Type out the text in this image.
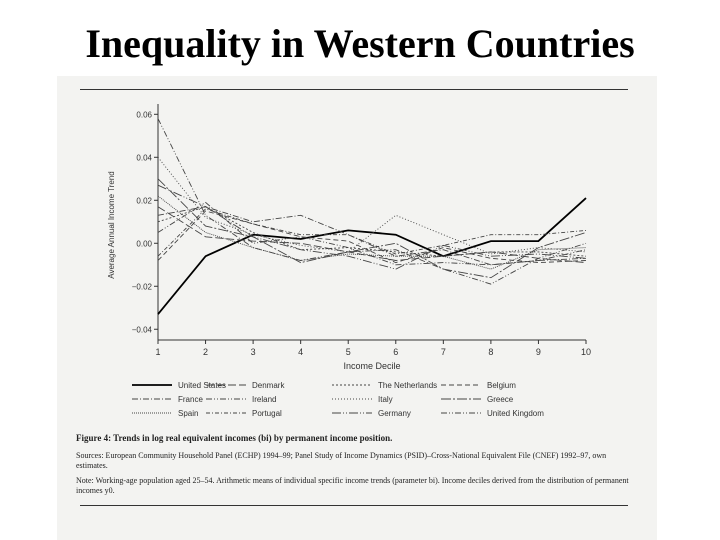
Inequality in Western Countries
0.06
0.04
0.02
0.00
−0.02
−0.04
1	2	3	4	5	6	7	8	9	10
Income Decile
Average Annual Income Trend
United States	Denmark	The Netherlands	Belgium
France	Ireland	Italy	Greece
Spain	Portugal	Germany	United Kingdom
Figure 4: Trends in log real equivalent incomes (bi) by permanent income position.
Sources: European Community Household Panel (ECHP) 1994–99; Panel Study of Income Dynamics (PSID)–Cross-National Equivalent File (CNEF) 1992–97, own estimates.
Note: Working-age population aged 25–54. Arithmetic means of individual specific income trends (parameter bi). Income deciles derived from the distribution of permanent incomes y0.
